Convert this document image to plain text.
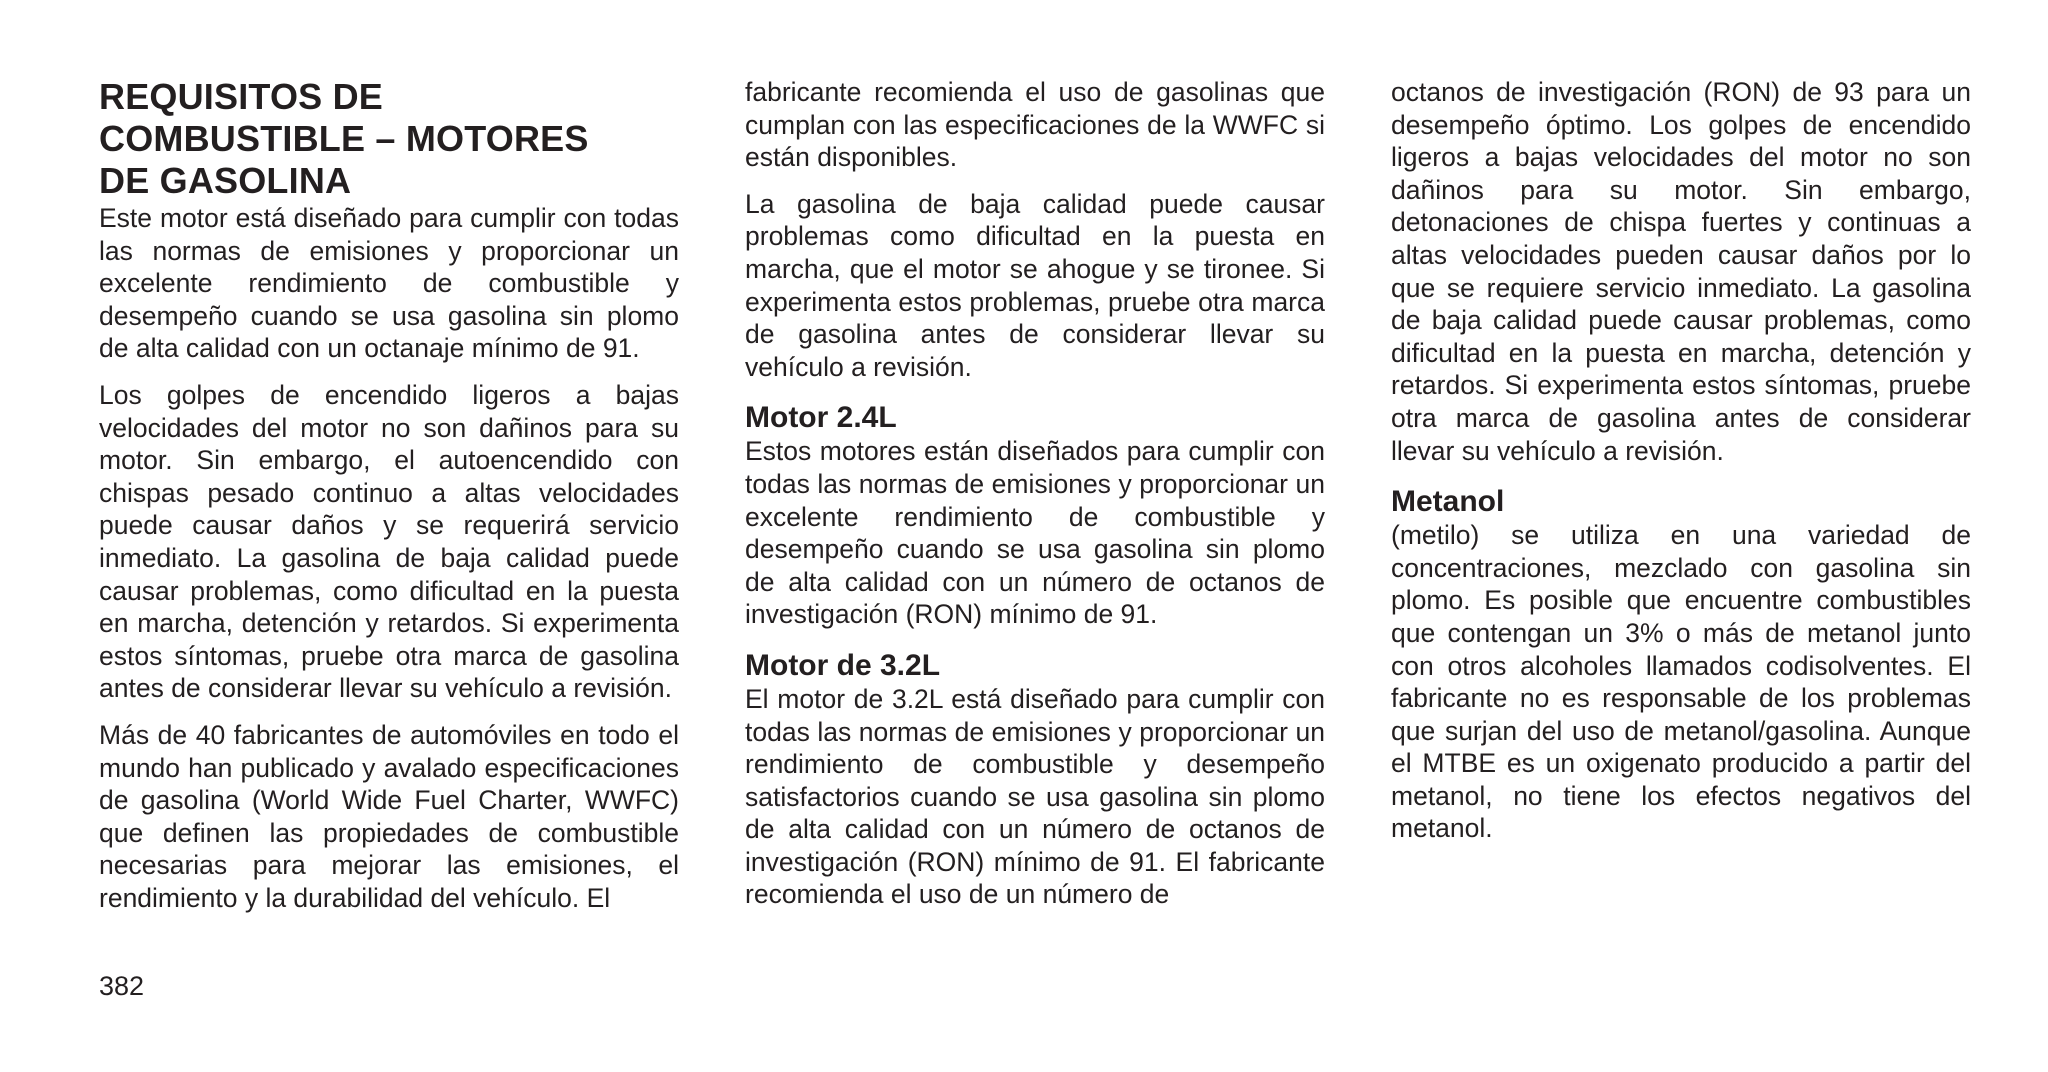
REQUISITOS DE
COMBUSTIBLE – MOTORES
DE GASOLINA

Este motor está diseñado para cumplir con todas las normas de emisiones y proporcionar un excelente rendimiento de combustible y desempeño cuando se usa gasolina sin plomo de alta calidad con un octanaje mínimo de 91.

Los golpes de encendido ligeros a bajas velocidades del motor no son dañinos para su motor. Sin embargo, el autoencendido con chispas pesado continuo a altas velocidades puede causar daños y se requerirá servicio inmediato. La gasolina de baja calidad puede causar problemas, como dificultad en la puesta en marcha, detención y retardos. Si experimenta estos síntomas, pruebe otra marca de gasolina antes de considerar llevar su vehículo a revisión.

Más de 40 fabricantes de automóviles en todo el mundo han publicado y avalado especificaciones de gasolina (World Wide Fuel Charter, WWFC) que definen las propiedades de combustible necesarias para mejorar las emisiones, el rendimiento y la durabilidad del vehículo. El

fabricante recomienda el uso de gasolinas que cumplan con las especificaciones de la WWFC si están disponibles.

La gasolina de baja calidad puede causar problemas como dificultad en la puesta en marcha, que el motor se ahogue y se tironee. Si experimenta estos problemas, pruebe otra marca de gasolina antes de considerar llevar su vehículo a revisión.

Motor 2.4L

Estos motores están diseñados para cumplir con todas las normas de emisiones y proporcionar un excelente rendimiento de combustible y desempeño cuando se usa gasolina sin plomo de alta calidad con un número de octanos de investigación (RON) mínimo de 91.

Motor de 3.2L

El motor de 3.2L está diseñado para cumplir con todas las normas de emisiones y proporcionar un rendimiento de combustible y desempeño satisfactorios cuando se usa gasolina sin plomo de alta calidad con un número de octanos de investigación (RON) mínimo de 91. El fabricante recomienda el uso de un número de

octanos de investigación (RON) de 93 para un desempeño óptimo. Los golpes de encendido ligeros a bajas velocidades del motor no son dañinos para su motor. Sin embargo, detonaciones de chispa fuertes y continuas a altas velocidades pueden causar daños por lo que se requiere servicio inmediato. La gasolina de baja calidad puede causar problemas, como dificultad en la puesta en marcha, detención y retardos. Si experimenta estos síntomas, pruebe otra marca de gasolina antes de considerar llevar su vehículo a revisión.

Metanol

(metilo) se utiliza en una variedad de concentraciones, mezclado con gasolina sin plomo. Es posible que encuentre combustibles que contengan un 3% o más de metanol junto con otros alcoholes llamados codisolventes. El fabricante no es responsable de los problemas que surjan del uso de metanol/gasolina. Aunque el MTBE es un oxigenato producido a partir del metanol, no tiene los efectos negativos del metanol.

382
